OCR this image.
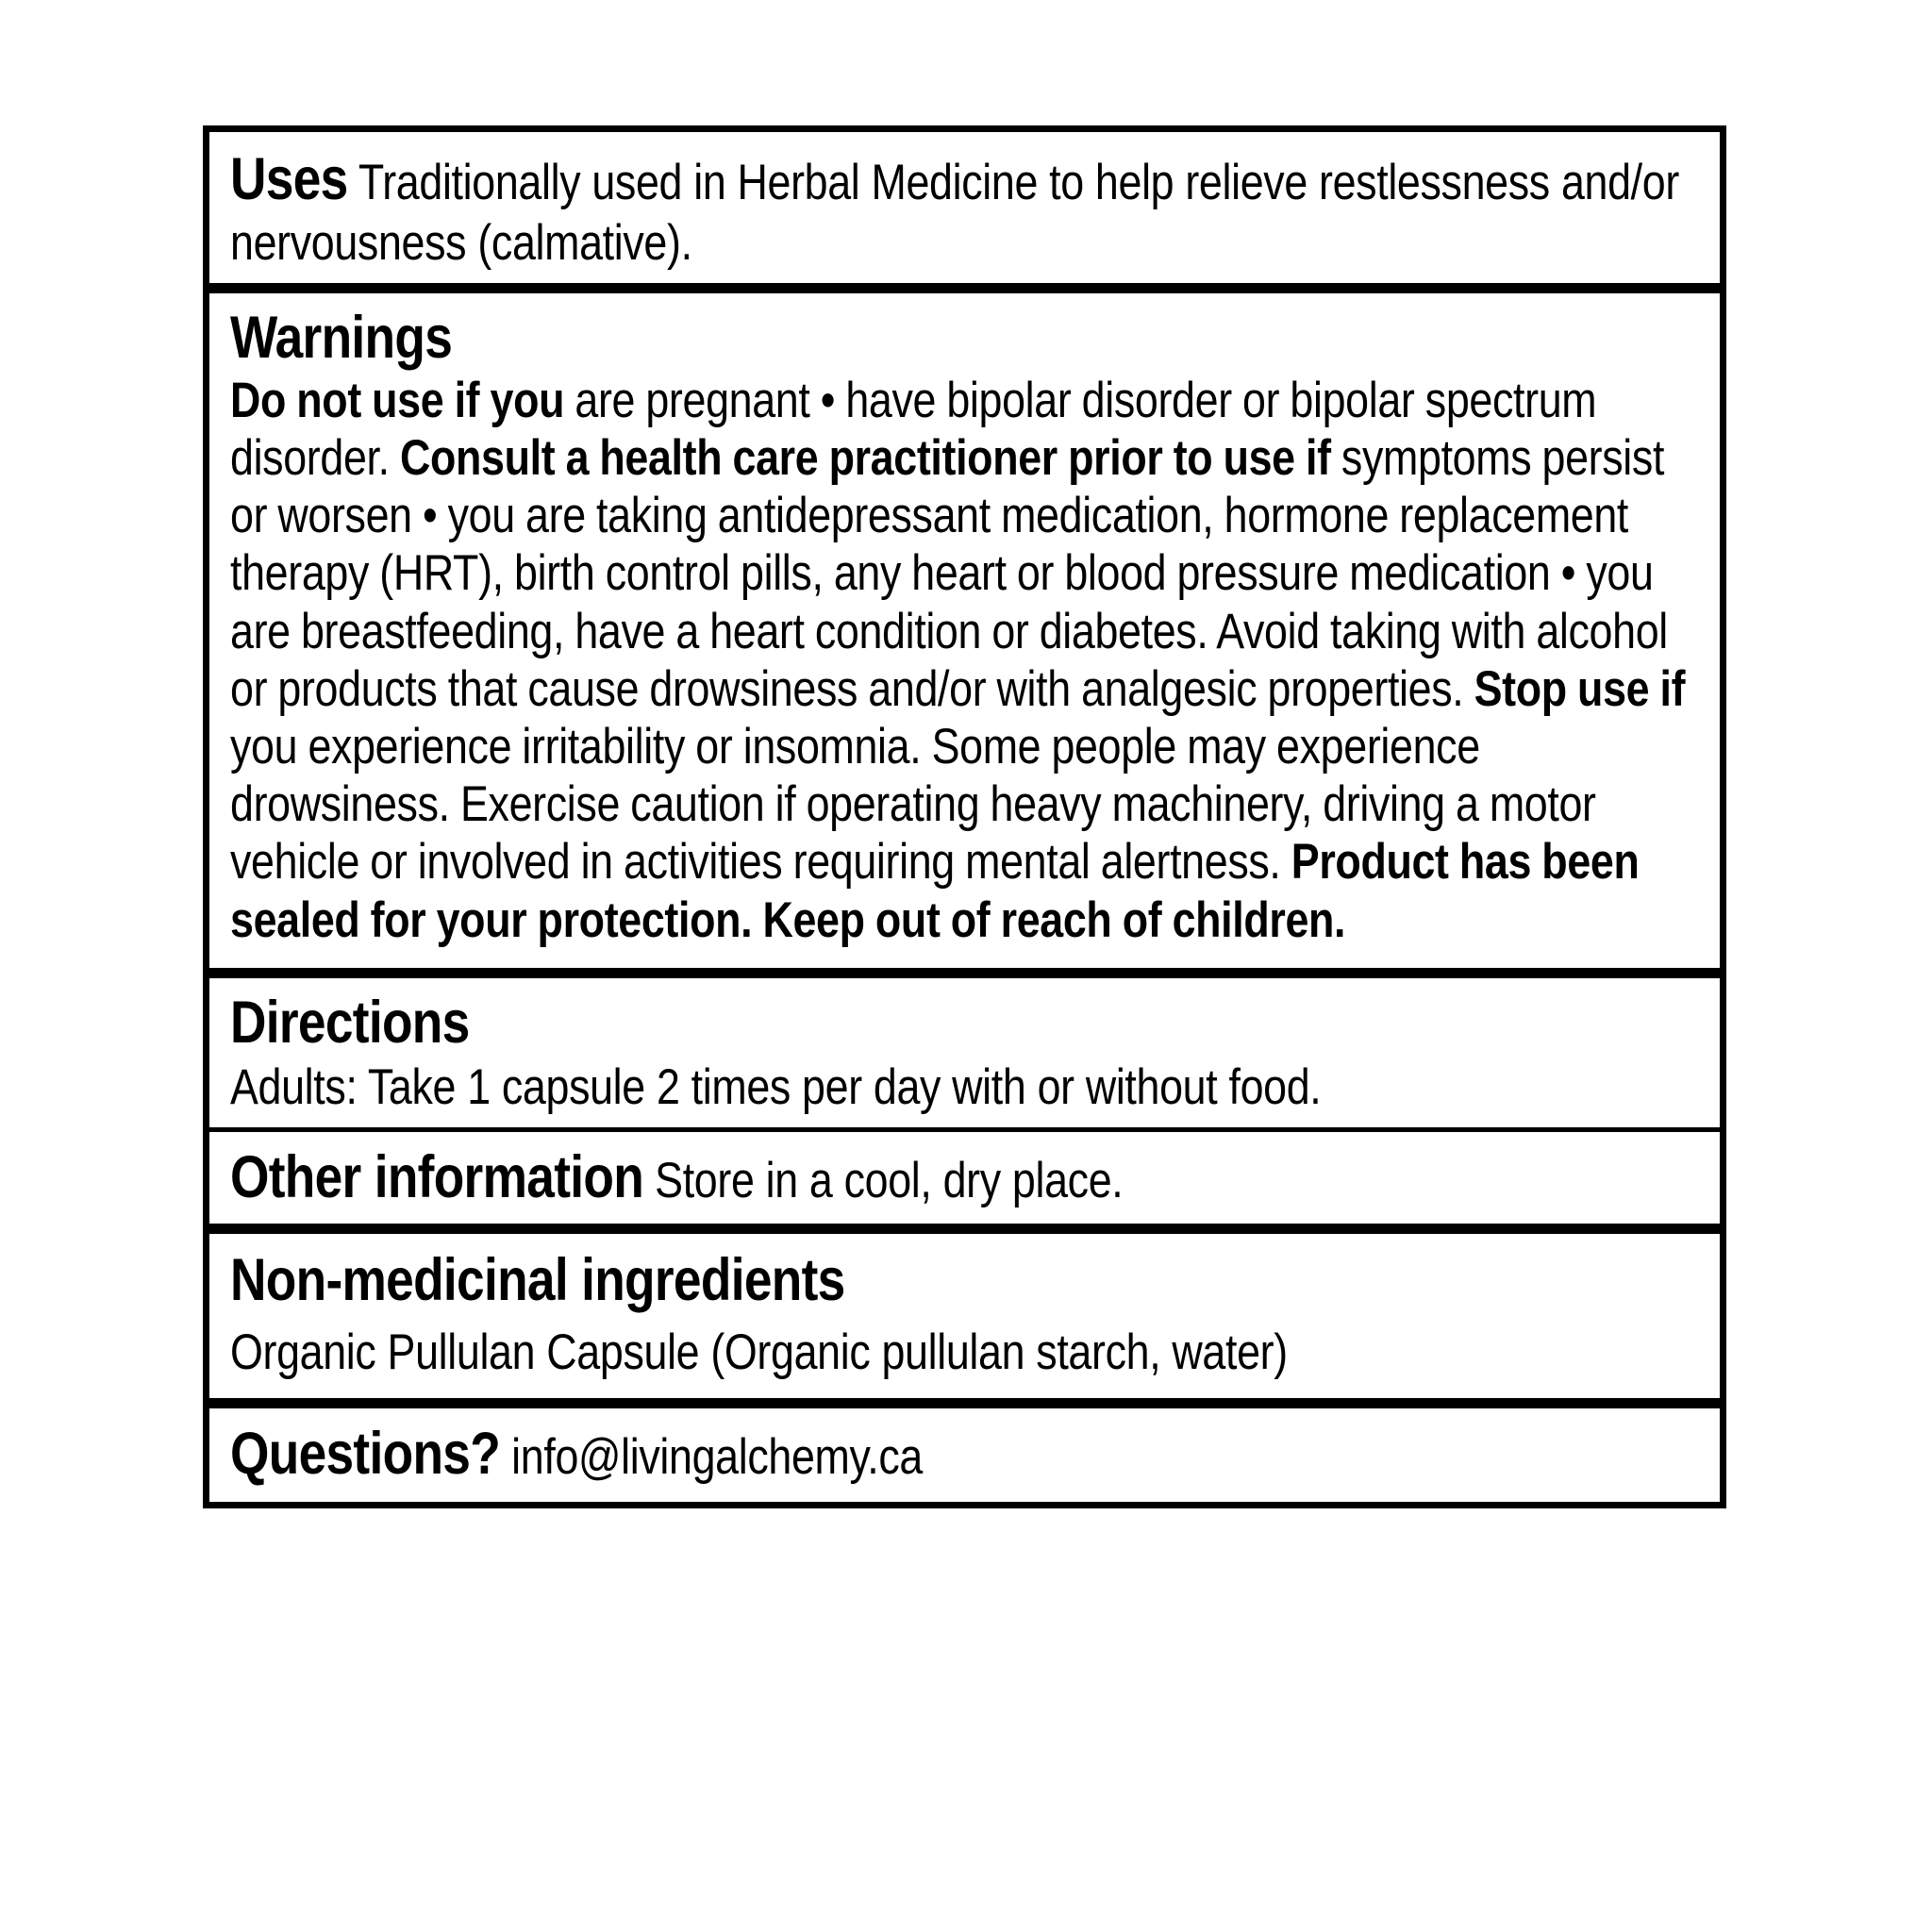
Uses Traditionally used in Herbal Medicine to help relieve restlessness and/or nervousness (calmative).

Warnings

Do not use if you are pregnant • have bipolar disorder or bipolar spectrum disorder. Consult a health care practitioner prior to use if symptoms persist or worsen • you are taking antidepressant medication, hormone replacement therapy (HRT), birth control pills, any heart or blood pressure medication • you are breastfeeding, have a heart condition or diabetes. Avoid taking with alcohol or products that cause drowsiness and/or with analgesic properties. Stop use if you experience irritability or insomnia. Some people may experience drowsiness. Exercise caution if operating heavy machinery, driving a motor vehicle or involved in activities requiring mental alertness. Product has been sealed for your protection. Keep out of reach of children.

Directions

Adults: Take 1 capsule 2 times per day with or without food.

Other information Store in a cool, dry place.

Non-medicinal ingredients

Organic Pullulan Capsule (Organic pullulan starch, water)

Questions? info@livingalchemy.ca
